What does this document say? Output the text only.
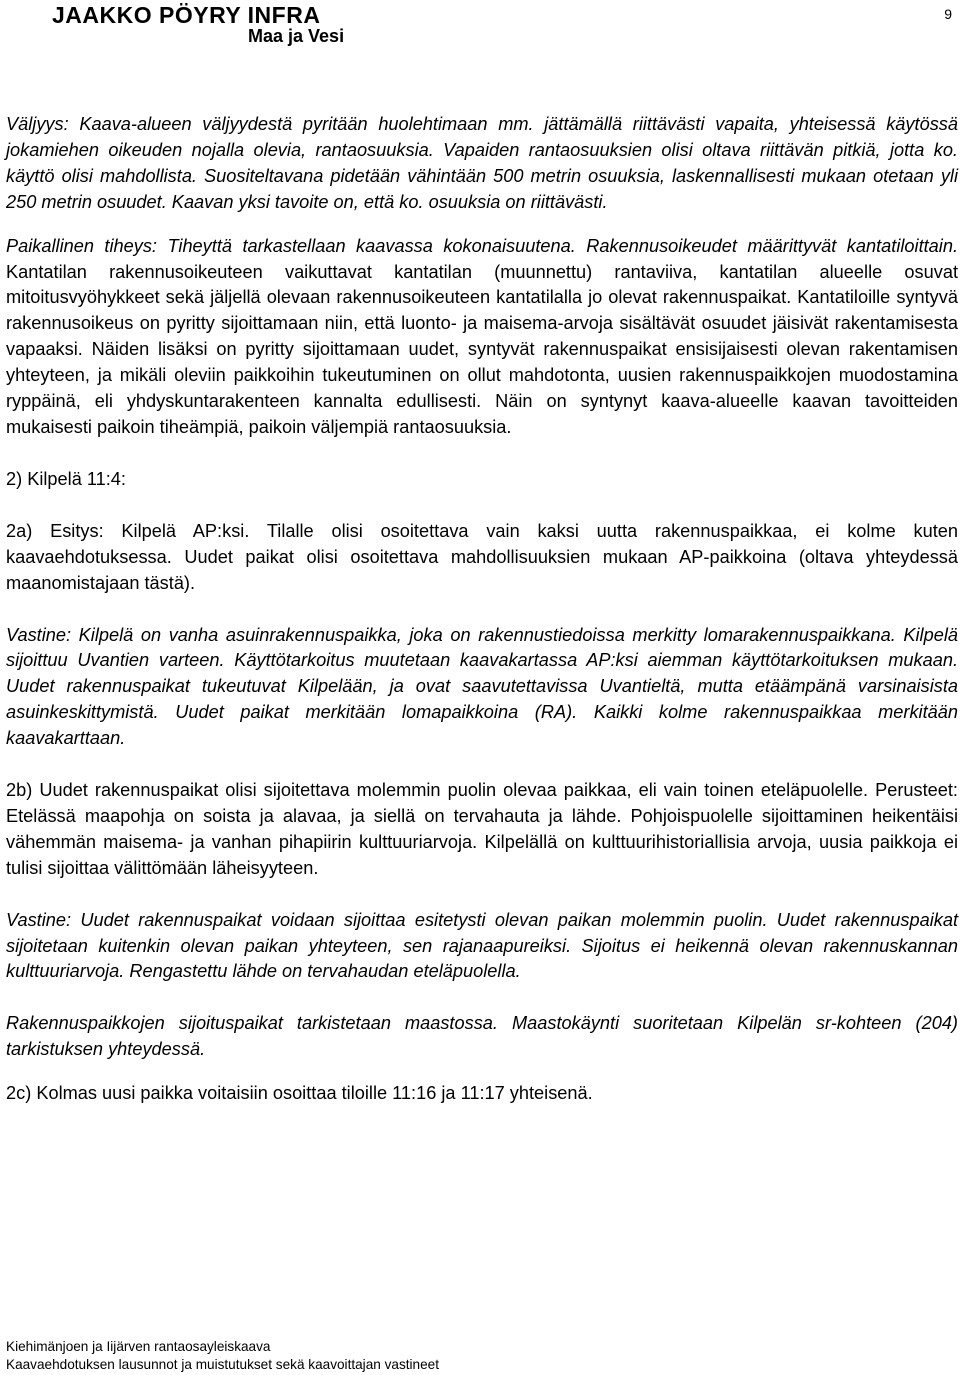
JAAKKO PÖYRY INFRA
Maa ja Vesi
9

Väljyys: Kaava-alueen väljyydestä pyritään huolehtimaan mm. jättämällä riittävästi vapaita, yhteisessä käytössä jokamiehen oikeuden nojalla olevia, rantaosuuksia. Vapaiden rantaosuuksien olisi oltava riittävän pitkiä, jotta ko. käyttö olisi mahdollista. Suositeltavana pidetään vähintään 500 metrin osuuksia, laskennallisesti mukaan otetaan yli 250 metrin osuudet. Kaavan yksi tavoite on, että ko. osuuksia on riittävästi.

Paikallinen tiheys: Tiheyttä tarkastellaan kaavassa kokonaisuutena. Rakennusoikeudet määrittyvät kantatiloittain. Kantatilan rakennusoikeuteen vaikuttavat kantatilan (muunnettu) rantaviiva, kantatilan alueelle osuvat mitoitusvyöhykkeet sekä jäljellä olevaan rakennusoikeuteen kantatilalla jo olevat rakennuspaikat. Kantatiloille syntyvä rakennusoikeus on pyritty sijoittamaan niin, että luonto- ja maisema-arvoja sisältävät osuudet jäisivät rakentamisesta vapaaksi. Näiden lisäksi on pyritty sijoittamaan uudet, syntyvät rakennuspaikat ensisijaisesti olevan rakentamisen yhteyteen, ja mikäli oleviin paikkoihin tukeutuminen on ollut mahdotonta, uusien rakennuspaikkojen muodostamina ryppäinä, eli yhdyskuntarakenteen kannalta edullisesti. Näin on syntynyt kaava-alueelle kaavan tavoitteiden mukaisesti paikoin tiheämpiä, paikoin väljempiä rantaosuuksia.

2) Kilpelä 11:4:

2a) Esitys: Kilpelä AP:ksi. Tilalle olisi osoitettava vain kaksi uutta rakennuspaikkaa, ei kolme kuten kaavaehdotuksessa. Uudet paikat olisi osoitettava mahdollisuuksien mukaan AP-paikkoina (oltava yhteydessä maanomistajaan tästä).

Vastine: Kilpelä on vanha asuinrakennuspaikka, joka on rakennustiedoissa merkitty lomarakennuspaikkana. Kilpelä sijoittuu Uvantien varteen. Käyttötarkoitus muutetaan kaavakartassa AP:ksi aiemman käyttötarkoituksen mukaan. Uudet rakennuspaikat tukeutuvat Kilpelään, ja ovat saavutettavissa Uvantieltä, mutta etäämpänä varsinaisista asuinkeskittymistä. Uudet paikat merkitään lomapaikkoina (RA). Kaikki kolme rakennuspaikkaa merkitään kaavakarttaan.

2b) Uudet rakennuspaikat olisi sijoitettava molemmin puolin olevaa paikkaa, eli vain toinen eteläpuolelle. Perusteet: Etelässä maapohja on soista ja alavaa, ja siellä on tervahauta ja lähde. Pohjoispuolelle sijoittaminen heikentäisi vähemmän maisema- ja vanhan pihapiirin kulttuuriarvoja. Kilpelällä on kulttuurihistoriallisia arvoja, uusia paikkoja ei tulisi sijoittaa välittömään läheisyyteen.

Vastine: Uudet rakennuspaikat voidaan sijoittaa esitetysti olevan paikan molemmin puolin. Uudet rakennuspaikat sijoitetaan kuitenkin olevan paikan yhteyteen, sen rajanaapureiksi. Sijoitus ei heikennä olevan rakennuskannan kulttuuriarvoja. Rengastettu lähde on tervahaudan eteläpuolella.

Rakennuspaikkojen sijoituspaikat tarkistetaan maastossa. Maastokäynti suoritetaan Kilpelän sr-kohteen (204) tarkistuksen yhteydessä.

2c) Kolmas uusi paikka voitaisiin osoittaa tiloille 11:16 ja 11:17 yhteisenä.

Kiehimänjoen ja Iijärven rantaosayleiskaava
Kaavaehdotuksen lausunnot ja muistutukset sekä kaavoittajan vastineet
